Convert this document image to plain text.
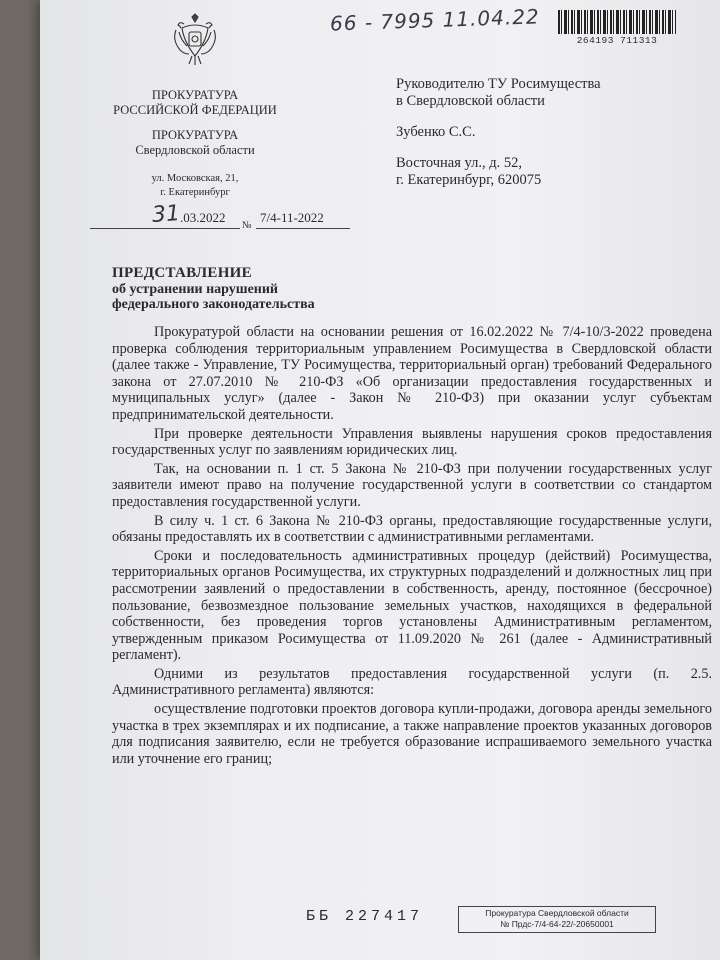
ПРОКУРАТУРА
РОССИЙСКОЙ ФЕДЕРАЦИИ
ПРОКУРАТУРА
Свердловской области
ул. Московская, 21,
г. Екатеринбург
31 .03.2022
№
7/4-11-2022
66 - 7995 11.04.22
264193 711313

Руководителю ТУ Росимущества

в Свердловской области

Зубенко С.С.

Восточная ул., д. 52,

г. Екатеринбург, 620075

ПРЕДСТАВЛЕНИЕ
об устранении нарушений
федерального законодательства

Прокуратурой области на основании решения от 16.02.2022 № 7/4-10/3-2022 проведена проверка соблюдения территориальным управлением Росимущества в Свердловской области (далее также - Управление, ТУ Росимущества, территориальный орган) требований Федерального закона от 27.07.2010 № 210-ФЗ «Об организации предоставления государственных и муниципальных услуг» (далее - Закон № 210-ФЗ) при оказании услуг субъектам предпринимательской деятельности.

При проверке деятельности Управления выявлены нарушения сроков предоставления государственных услуг по заявлениям юридических лиц.

Так, на основании п. 1 ст. 5 Закона № 210-ФЗ при получении государственных услуг заявители имеют право на получение государственной услуги в соответствии со стандартом предоставления государственной услуги.

В силу ч. 1 ст. 6 Закона № 210-ФЗ органы, предоставляющие государственные услуги, обязаны предоставлять их в соответствии с административными регламентами.

Сроки и последовательность административных процедур (действий) Росимущества, территориальных органов Росимущества, их структурных подразделений и должностных лиц при рассмотрении заявлений о предоставлении в собственность, аренду, постоянное (бессрочное) пользование, безвозмездное пользование земельных участков, находящихся в федеральной собственности, без проведения торгов установлены Административным регламентом, утвержденным приказом Росимущества от 11.09.2020 № 261 (далее - Административный регламент).

Одними из результатов предоставления государственной услуги (п. 2.5. Административного регламента) являются:

осуществление подготовки проектов договора купли-продажи, договора аренды земельного участка в трех экземплярах и их подписание, а также направление проектов указанных договоров для подписания заявителю, если не требуется образование испрашиваемого земельного участка или уточнение его границ;

ББ 227417	Прокуратура Свердловской области
№ Прдс-7/4-64-22/-20650001
